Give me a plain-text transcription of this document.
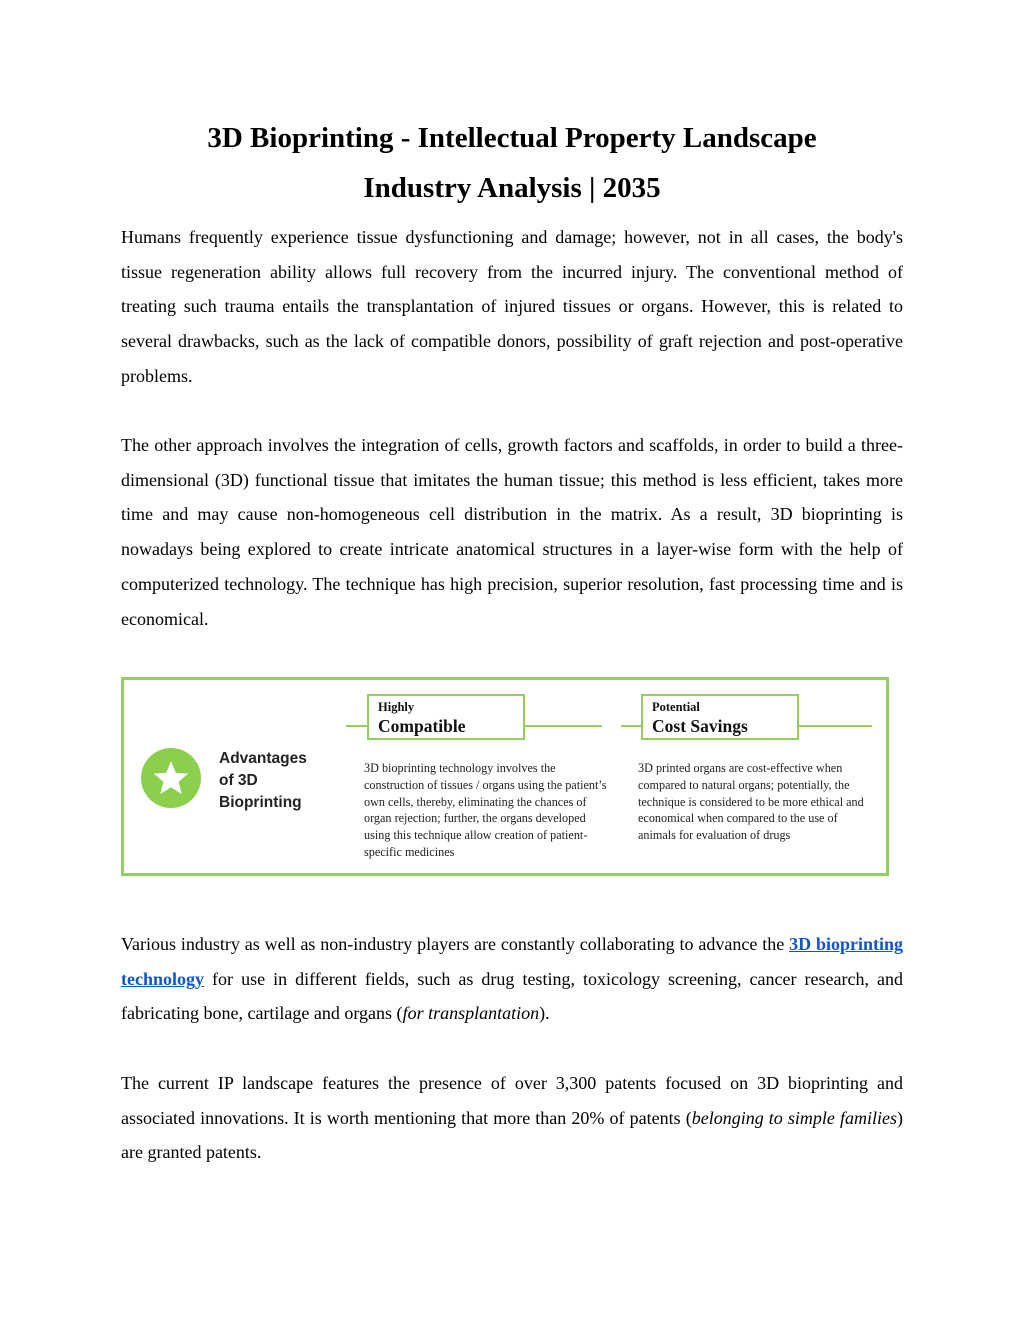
3D Bioprinting - Intellectual Property Landscape
Industry Analysis | 2035

Humans frequently experience tissue dysfunctioning and damage; however, not in all cases, the body's tissue regeneration ability allows full recovery from the incurred injury. The conventional method of treating such trauma entails the transplantation of injured tissues or organs. However, this is related to several drawbacks, such as the lack of compatible donors, possibility of graft rejection and post-operative problems.

The other approach involves the integration of cells, growth factors and scaffolds, in order to build a three-dimensional (3D) functional tissue that imitates the human tissue; this method is less efficient, takes more time and may cause non-homogeneous cell distribution in the matrix. As a result, 3D bioprinting is nowadays being explored to create intricate anatomical structures in a layer-wise form with the help of computerized technology. The technique has high precision, superior resolution, fast processing time and is economical.

Advantages
of 3D
Bioprinting
Highly
Compatible
Potential
Cost Savings

3D bioprinting technology involves the construction of tissues / organs using the patient’s own cells, thereby, eliminating the chances of organ rejection; further, the organs developed using this technique allow creation of patient-specific medicines

3D printed organs are cost-effective when compared to natural organs; potentially, the technique is considered to be more ethical and economical when compared to the use of animals for evaluation of drugs

Various industry as well as non-industry players are constantly collaborating to advance the 3D bioprinting technology for use in different fields, such as drug testing, toxicology screening, cancer research, and fabricating bone, cartilage and organs (for transplantation).

The current IP landscape features the presence of over 3,300 patents focused on 3D bioprinting and associated innovations. It is worth mentioning that more than 20% of patents (belonging to simple families) are granted patents.
